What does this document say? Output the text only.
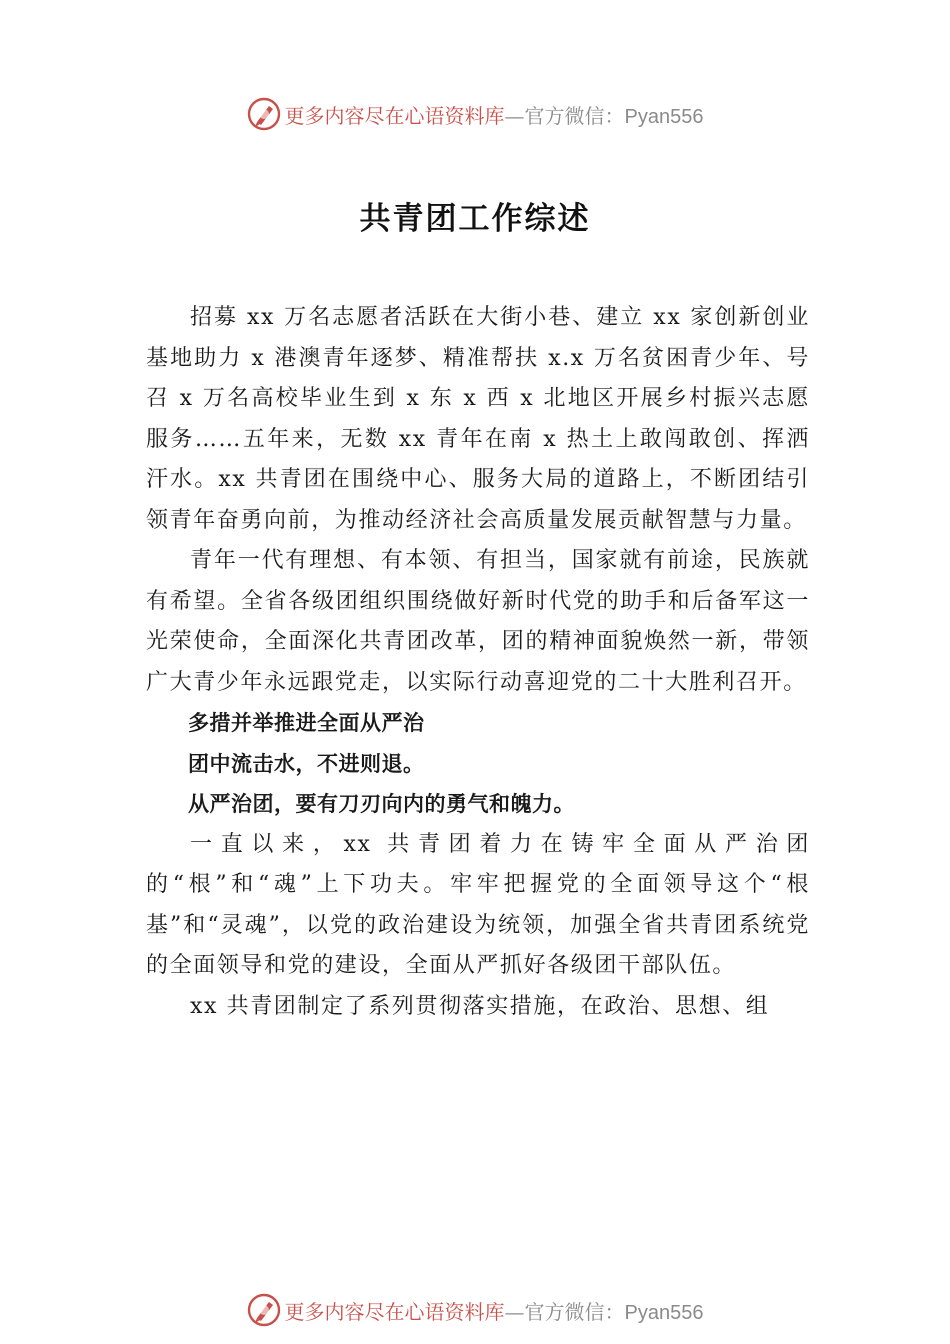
更多内容尽在心语资料库—官方微信：Pyan556
共青团工作综述

招募 xx 万名志愿者活跃在大街小巷、建立 xx 家创新创业基地助力 x 港澳青年逐梦、精准帮扶 x.x 万名贫困青少年、号召 x 万名高校毕业生到 x 东 x 西 x 北地区开展乡村振兴志愿服务……五年来，无数 xx 青年在南 x 热土上敢闯敢创、挥洒汗水。xx 共青团在围绕中心、服务大局的道路上，不断团结引领青年奋勇向前，为推动经济社会高质量发展贡献智慧与力量。

青年一代有理想、有本领、有担当，国家就有前途，民族就有希望。全省各级团组织围绕做好新时代党的助手和后备军这一光荣使命，全面深化共青团改革，团的精神面貌焕然一新，带领广大青少年永远跟党走，以实际行动喜迎党的二十大胜利召开。

多措并举推进全面从严治

团中流击水，不进则退。

从严治团，要有刀刃向内的勇气和魄力。

一直以来，xx 共青团着力在铸牢全面从严治团的“根”和“魂”上下功夫。牢牢把握党的全面领导这个“根基”和“灵魂”，以党的政治建设为统领，加强全省共青团系统党的全面领导和党的建设，全面从严抓好各级团干部队伍。

xx 共青团制定了系列贯彻落实措施，在政治、思想、组

更多内容尽在心语资料库—官方微信：Pyan556
